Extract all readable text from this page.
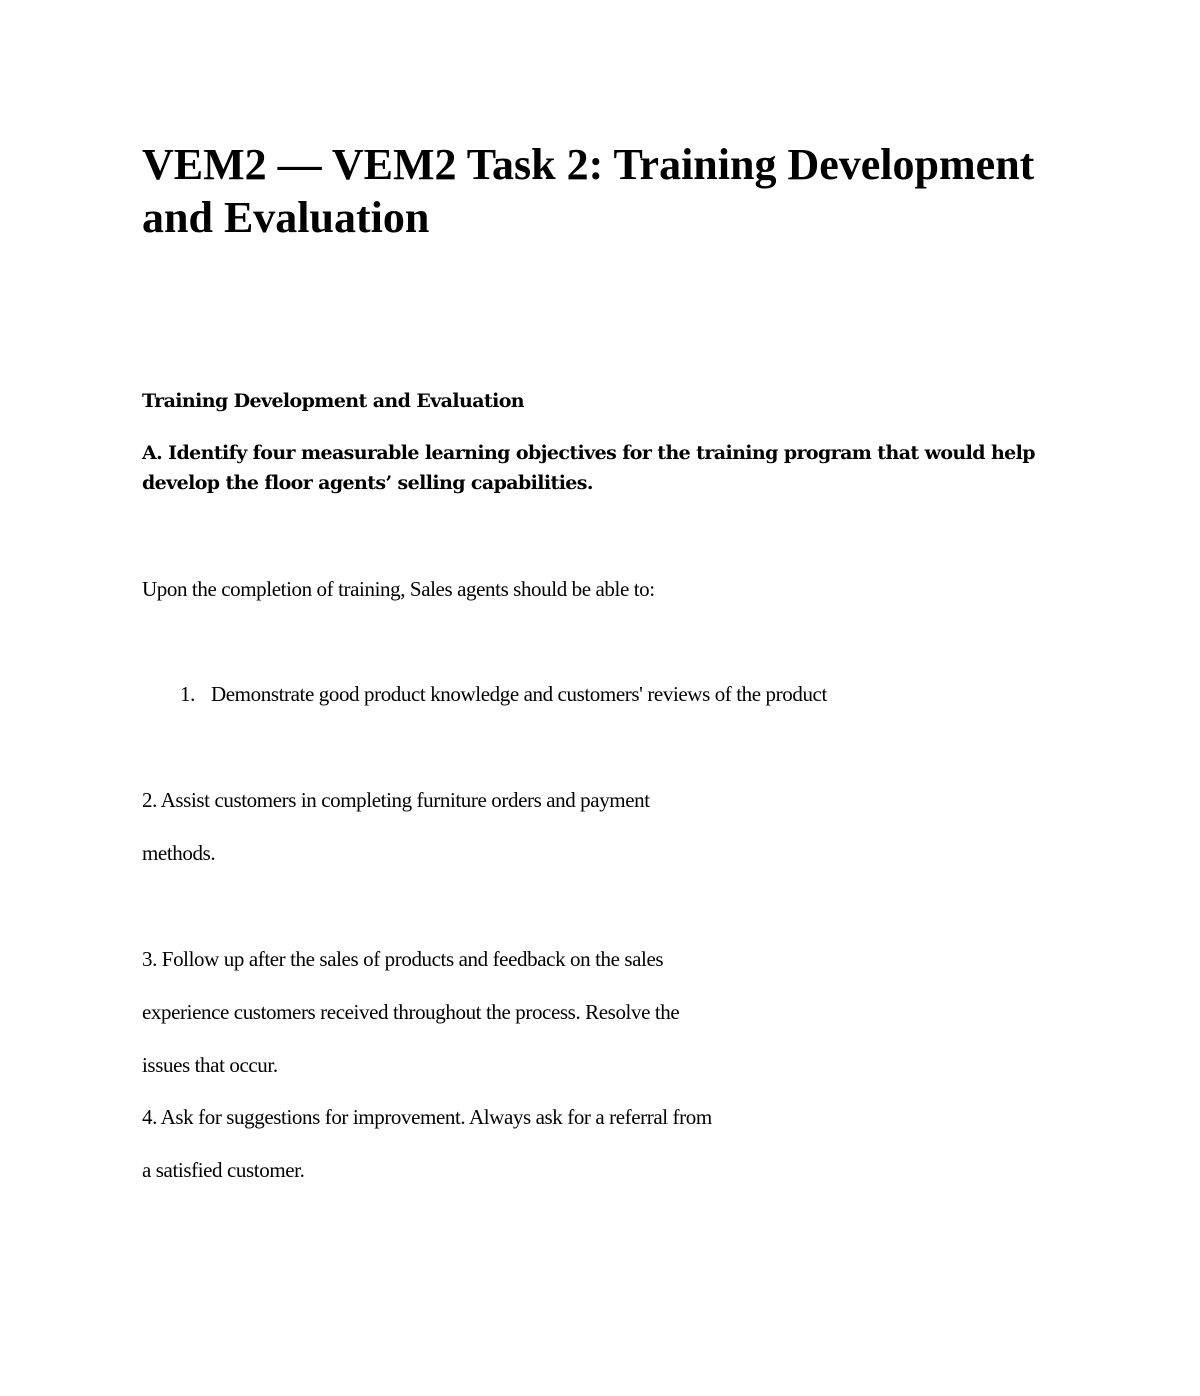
VEM2 — VEM2 Task 2: Training Development and Evaluation

Training Development and Evaluation

A. Identify four measurable learning objectives for the training program that would help develop the floor agents’ selling capabilities.

Upon the completion of training, Sales agents should be able to:

1. Demonstrate good product knowledge and customers' reviews of the product

2. Assist customers in completing furniture orders and payment

methods.

3. Follow up after the sales of products and feedback on the sales

experience customers received throughout the process. Resolve the

issues that occur.

4. Ask for suggestions for improvement. Always ask for a referral from

a satisfied customer.
